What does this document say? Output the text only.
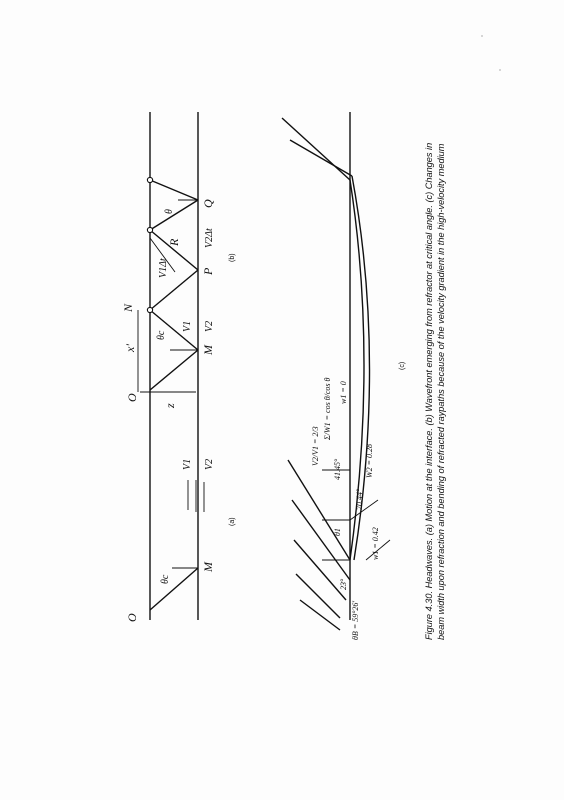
O
M
N
P
Q
R
z
x'
θc
θ
V1 V2
V1Δt
V2Δt
(b)
O
M
θc
V1 V2
(a)
θB = 59°26'
V2/V1 = 2/3
Σ/W1 = cos θ/cos θ w1 = 0
W2 = 0.28
41.45°
70.44°
w1 = 0.42
23°
θ1
(c) Figure 4.30. Headwaves. (a) Motion at the interface. (b) Wavefront emerging from refractor at critical angle. (c) Changes in beam width upon refraction and bending of refracted raypaths because of the velocity gradient in the high-velocity medium
